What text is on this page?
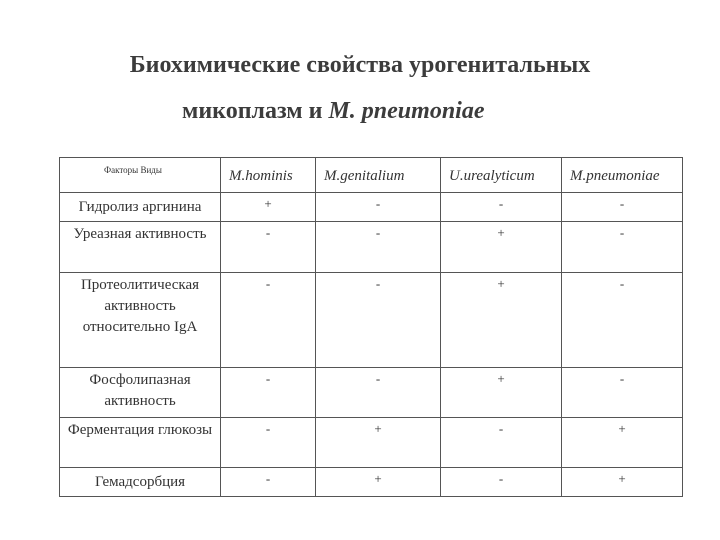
Биохимические свойства урогенитальных
микоплазм и M. pneumoniae
Факторы Виды	M.hominis	M.genitalium	U.urealyticum	M.pneumoniae
Гидролиз аргинина	+	-	-	-
Уреазная активность	-	-	+	-
Протеолитическая активность относительно IgA	-	-	+	-
Фосфолипазная активность	-	-	+	-
Ферментация глюкозы	-	+	-	+
Гемадсорбция	-	+	-	+
